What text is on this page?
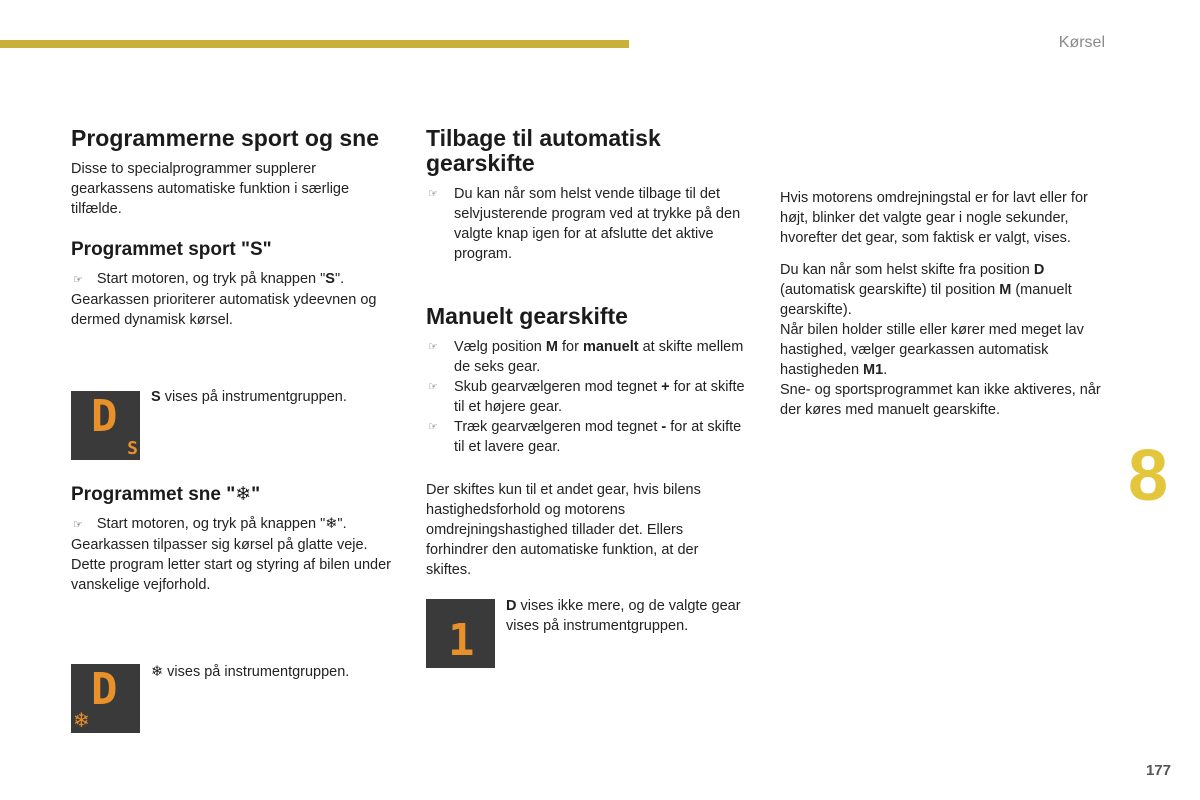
Kørsel
8
177
Programmerne sport og sne

Disse to specialprogrammer supplerer gearkassens automatiske funktion i særlige tilfælde.

Programmet sport "S"

☞ Start motoren, og tryk på knappen "S". Gearkassen prioriterer automatisk ydeevnen og dermed dynamisk kørsel.

D
S
S vises på instrumentgruppen.
Programmet sne "❄"

☞ Start motoren, og tryk på knappen "❄". Gearkassen tilpasser sig kørsel på glatte veje. Dette program letter start og styring af bilen under vanskelige vejforhold.

D
❄
❄ vises på instrumentgruppen.
Tilbage til automatisk gearskifte
☞ Du kan når som helst vende tilbage til det selvjusterende program ved at trykke på den valgte knap igen for at afslutte det aktive program.
Manuelt gearskifte
☞ Vælg position M for manuelt at skifte mellem de seks gear.
☞ Skub gearvælgeren mod tegnet + for at skifte til et højere gear.
☞ Træk gearvælgeren mod tegnet - for at skifte til et lavere gear.

Der skiftes kun til et andet gear, hvis bilens hastighedsforhold og motorens omdrejningshastighed tillader det. Ellers forhindrer den automatiske funktion, at der skiftes.

1
D vises ikke mere, og de valgte gear vises på instrumentgruppen.

Hvis motorens omdrejningstal er for lavt eller for højt, blinker det valgte gear i nogle sekunder, hvorefter det gear, som faktisk er valgt, vises.

Du kan når som helst skifte fra position D (automatisk gearskifte) til position M (manuelt gearskifte).

Når bilen holder stille eller kører med meget lav hastighed, vælger gearkassen automatisk hastigheden M1.

Sne- og sportsprogrammet kan ikke aktiveres, når der køres med manuelt gearskifte.
